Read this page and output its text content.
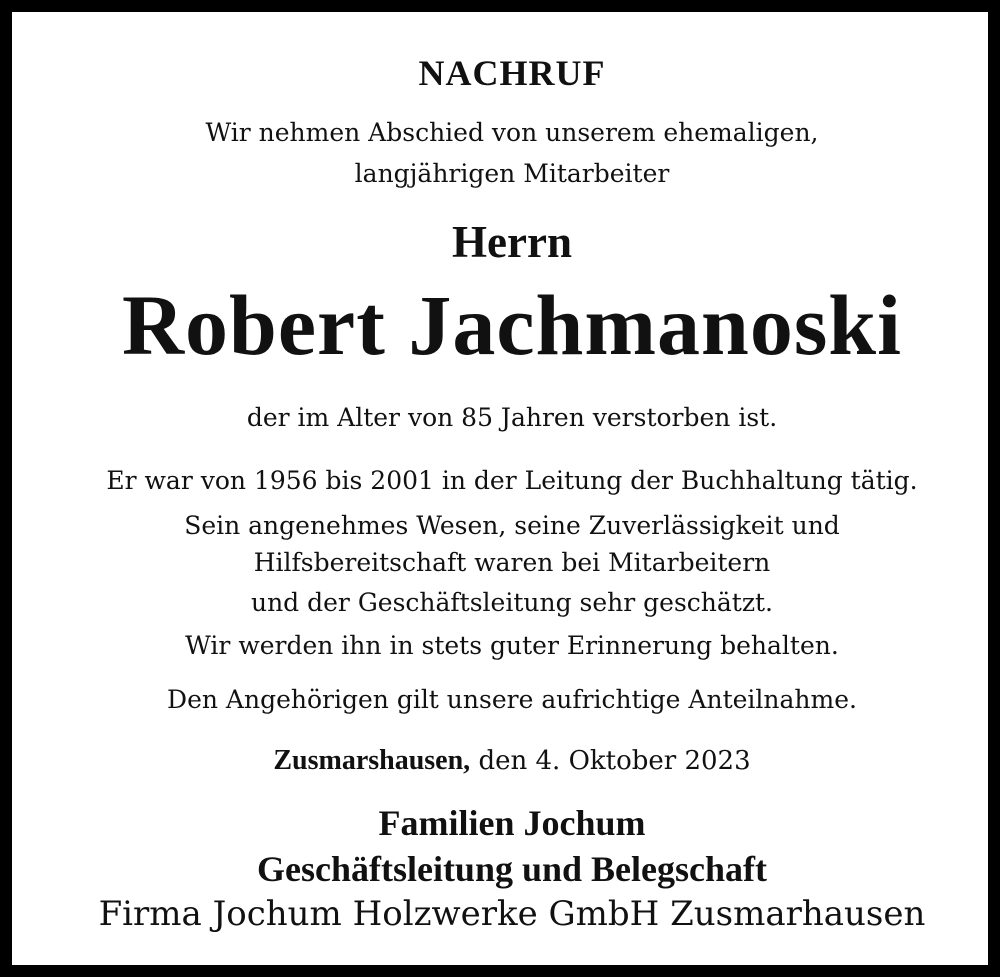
NACHRUF
Wir nehmen Abschied von unserem ehemaligen,
langjährigen Mitarbeiter
Herrn
Robert Jachmanoski
der im Alter von 85 Jahren verstorben ist.
Er war von 1956 bis 2001 in der Leitung der Buchhaltung tätig.
Sein angenehmes Wesen, seine Zuverlässigkeit und
Hilfsbereitschaft waren bei Mitarbeitern
und der Geschäftsleitung sehr geschätzt.
Wir werden ihn in stets guter Erinnerung behalten.
Den Angehörigen gilt unsere aufrichtige Anteilnahme.
Zusmarshausen, den 4. Oktober 2023
Familien Jochum
Geschäftsleitung und Belegschaft
Firma Jochum Holzwerke GmbH Zusmarhausen
